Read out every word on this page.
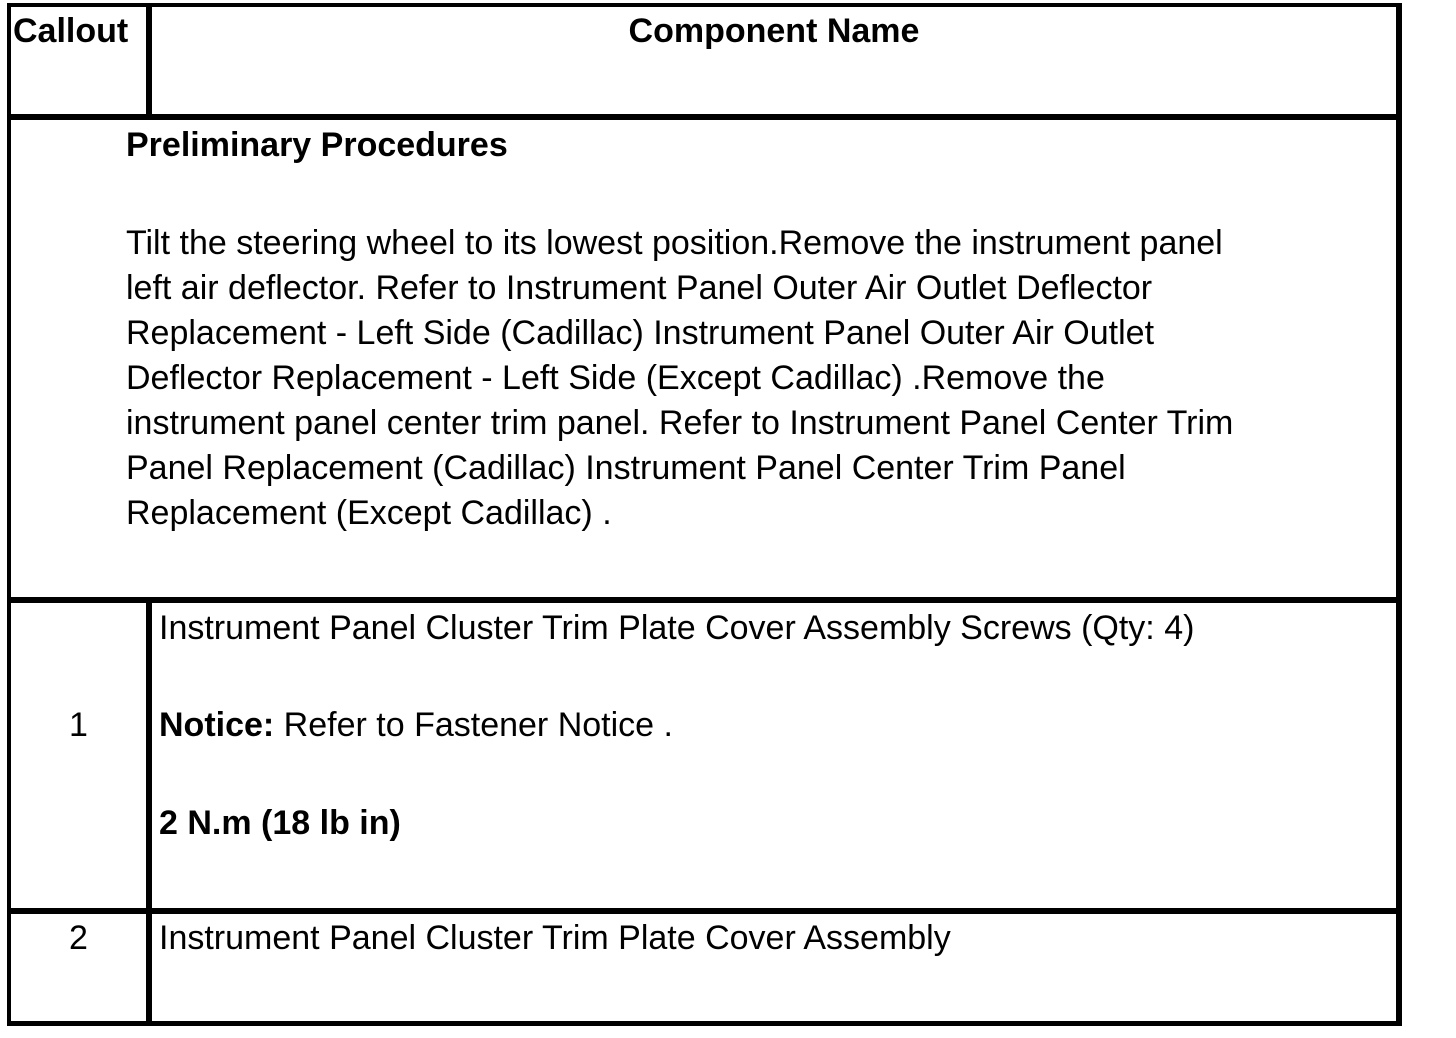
Callout	Component Name
Preliminary Procedures
Tilt the steering wheel to its lowest position.Remove the instrument panel
left air deflector. Refer to Instrument Panel Outer Air Outlet Deflector
Replacement - Left Side (Cadillac) Instrument Panel Outer Air Outlet
Deflector Replacement - Left Side (Except Cadillac) .Remove the
instrument panel center trim panel. Refer to Instrument Panel Center Trim
Panel Replacement (Cadillac) Instrument Panel Center Trim Panel
Replacement (Except Cadillac) .
1
Instrument Panel Cluster Trim Plate Cover Assembly Screws (Qty: 4)
Notice: Refer to Fastener Notice .
2 N.m (18 lb in)
2	Instrument Panel Cluster Trim Plate Cover Assembly
